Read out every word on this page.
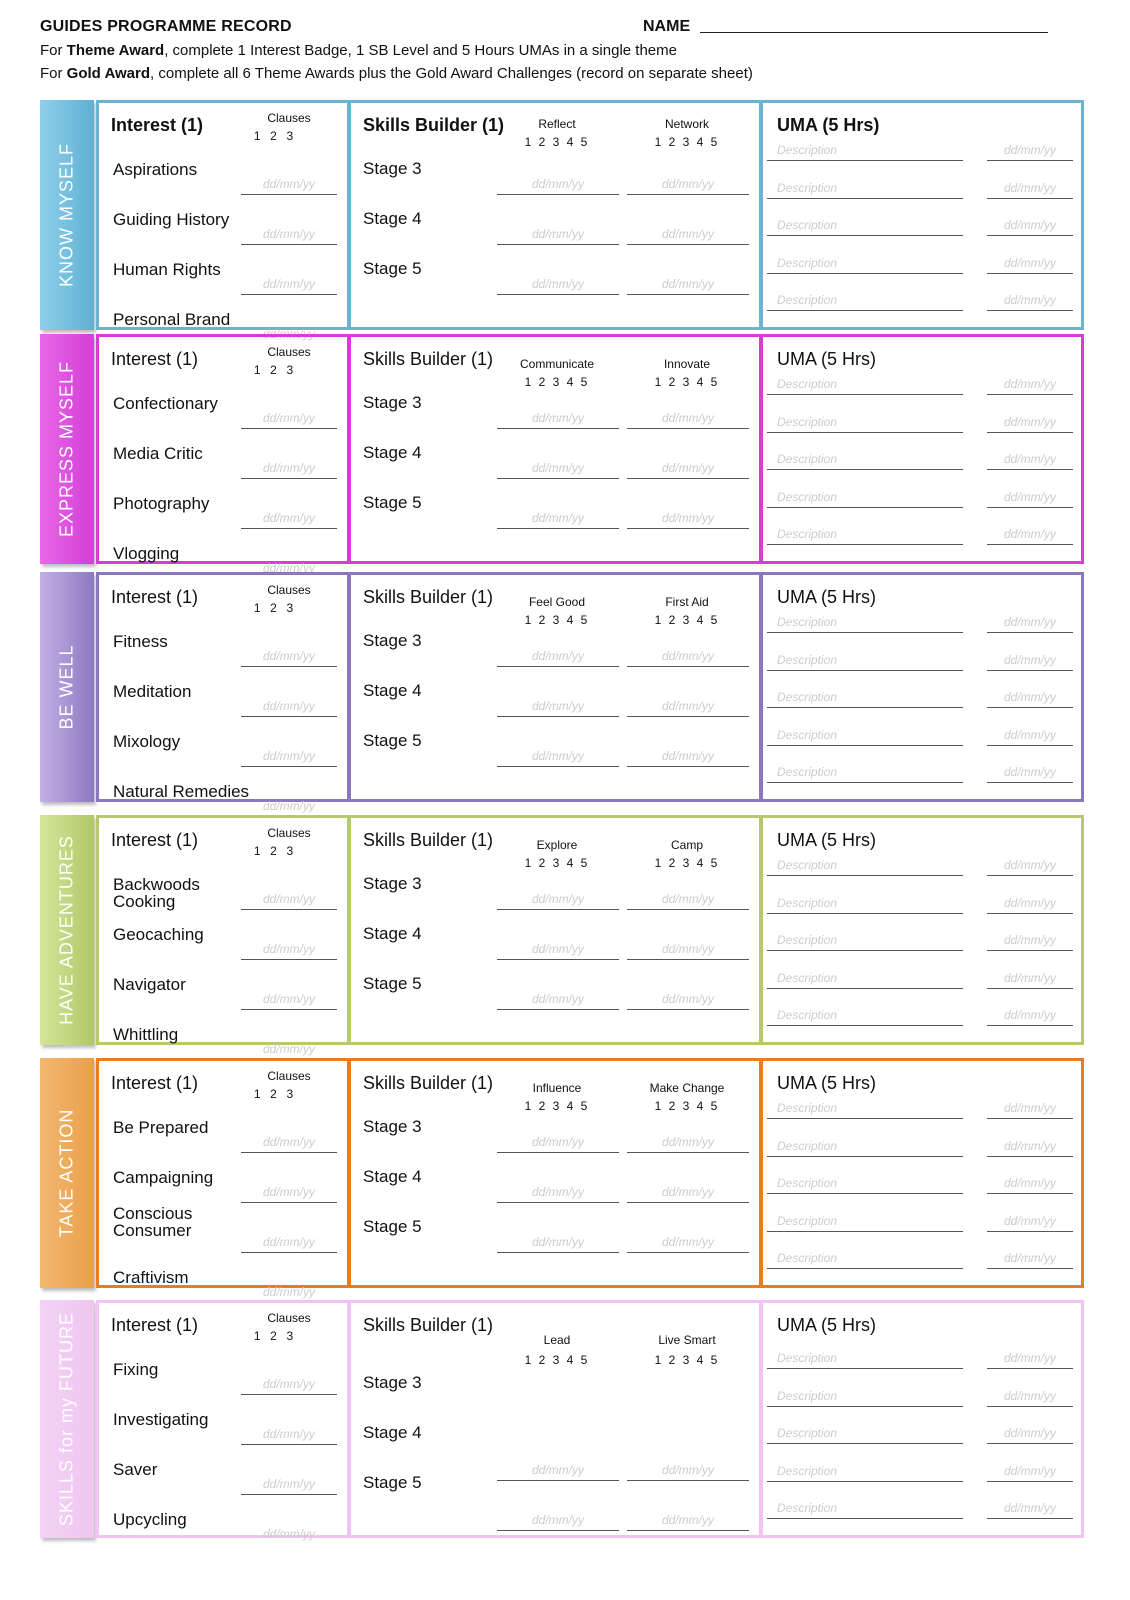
GUIDES PROGRAMME RECORD	NAME
For Theme Award, complete 1 Interest Badge, 1 SB Level and 5 Hours UMAs in a single theme
For Gold Award, complete all 6 Theme Awards plus the Gold Award Challenges (record on separate sheet)
KNOW MYSELF
Interest (1)	Clauses
1  2  3
Aspirations
dd/mm/yy
Guiding History
dd/mm/yy
Human Rights
dd/mm/yy
Personal Brand
dd/mm/yy
Skills Builder (1)	Reflect
1 2 3 4 5
Network
1 2 3 4 5
Stage 3
dd/mm/yy	dd/mm/yy
Stage 4
dd/mm/yy	dd/mm/yy
Stage 5
dd/mm/yy	dd/mm/yy
UMA (5 Hrs)
Description	dd/mm/yy
Description	dd/mm/yy
Description	dd/mm/yy
Description	dd/mm/yy
Description	dd/mm/yy
EXPRESS MYSELF
Interest (1)	Clauses
1  2  3
Confectionary
dd/mm/yy
Media Critic
dd/mm/yy
Photography
dd/mm/yy
Vlogging
dd/mm/yy
Skills Builder (1)	Communicate
1 2 3 4 5
Innovate
1 2 3 4 5
Stage 3
dd/mm/yy	dd/mm/yy
Stage 4
dd/mm/yy	dd/mm/yy
Stage 5
dd/mm/yy	dd/mm/yy
UMA (5 Hrs)
Description	dd/mm/yy
Description	dd/mm/yy
Description	dd/mm/yy
Description	dd/mm/yy
Description	dd/mm/yy
BE WELL
Interest (1)	Clauses
1  2  3
Fitness
dd/mm/yy
Meditation
dd/mm/yy
Mixology
dd/mm/yy
Natural Remedies
dd/mm/yy
Skills Builder (1)	Feel Good
1 2 3 4 5
First Aid
1 2 3 4 5
Stage 3
dd/mm/yy	dd/mm/yy
Stage 4
dd/mm/yy	dd/mm/yy
Stage 5
dd/mm/yy	dd/mm/yy
UMA (5 Hrs)
Description	dd/mm/yy
Description	dd/mm/yy
Description	dd/mm/yy
Description	dd/mm/yy
Description	dd/mm/yy
HAVE ADVENTURES Interest (1)	Clauses
1  2  3
Backwoods Cooking	dd/mm/yy
Geocaching
dd/mm/yy
Navigator
dd/mm/yy
Whittling
dd/mm/yy
Skills Builder (1)	Explore
1 2 3 4 5
Camp
1 2 3 4 5
Stage 3
dd/mm/yy	dd/mm/yy
Stage 4
dd/mm/yy	dd/mm/yy
Stage 5
dd/mm/yy	dd/mm/yy
UMA (5 Hrs)
Description	dd/mm/yy
Description	dd/mm/yy
Description	dd/mm/yy
Description	dd/mm/yy
Description	dd/mm/yy
TAKE ACTION
Interest (1)	Clauses
1  2  3
Be Prepared
dd/mm/yy
Campaigning
dd/mm/yy
Conscious Consumer
dd/mm/yy
Craftivism
dd/mm/yy
Skills Builder (1)	Influence
1 2 3 4 5
Make Change
1 2 3 4 5
Stage 3
dd/mm/yy	dd/mm/yy
Stage 4
dd/mm/yy	dd/mm/yy
Stage 5
dd/mm/yy	dd/mm/yy
UMA (5 Hrs)
Description	dd/mm/yy
Description	dd/mm/yy
Description	dd/mm/yy
Description	dd/mm/yy
Description	dd/mm/yy
SKILLS for my FUTURE Interest (1)	Clauses
1  2  3
Fixing
dd/mm/yy
Investigating
dd/mm/yy
Saver
dd/mm/yy
Upcycling
dd/mm/yy
Skills Builder (1)
Lead
1 2 3 4 5
Live Smart
1 2 3 4 5
Stage 3
Stage 4
dd/mm/yy	dd/mm/yy
Stage 5
dd/mm/yy	dd/mm/yy
UMA (5 Hrs)
Description	dd/mm/yy
Description	dd/mm/yy
Description	dd/mm/yy
Description	dd/mm/yy
Description	dd/mm/yy
